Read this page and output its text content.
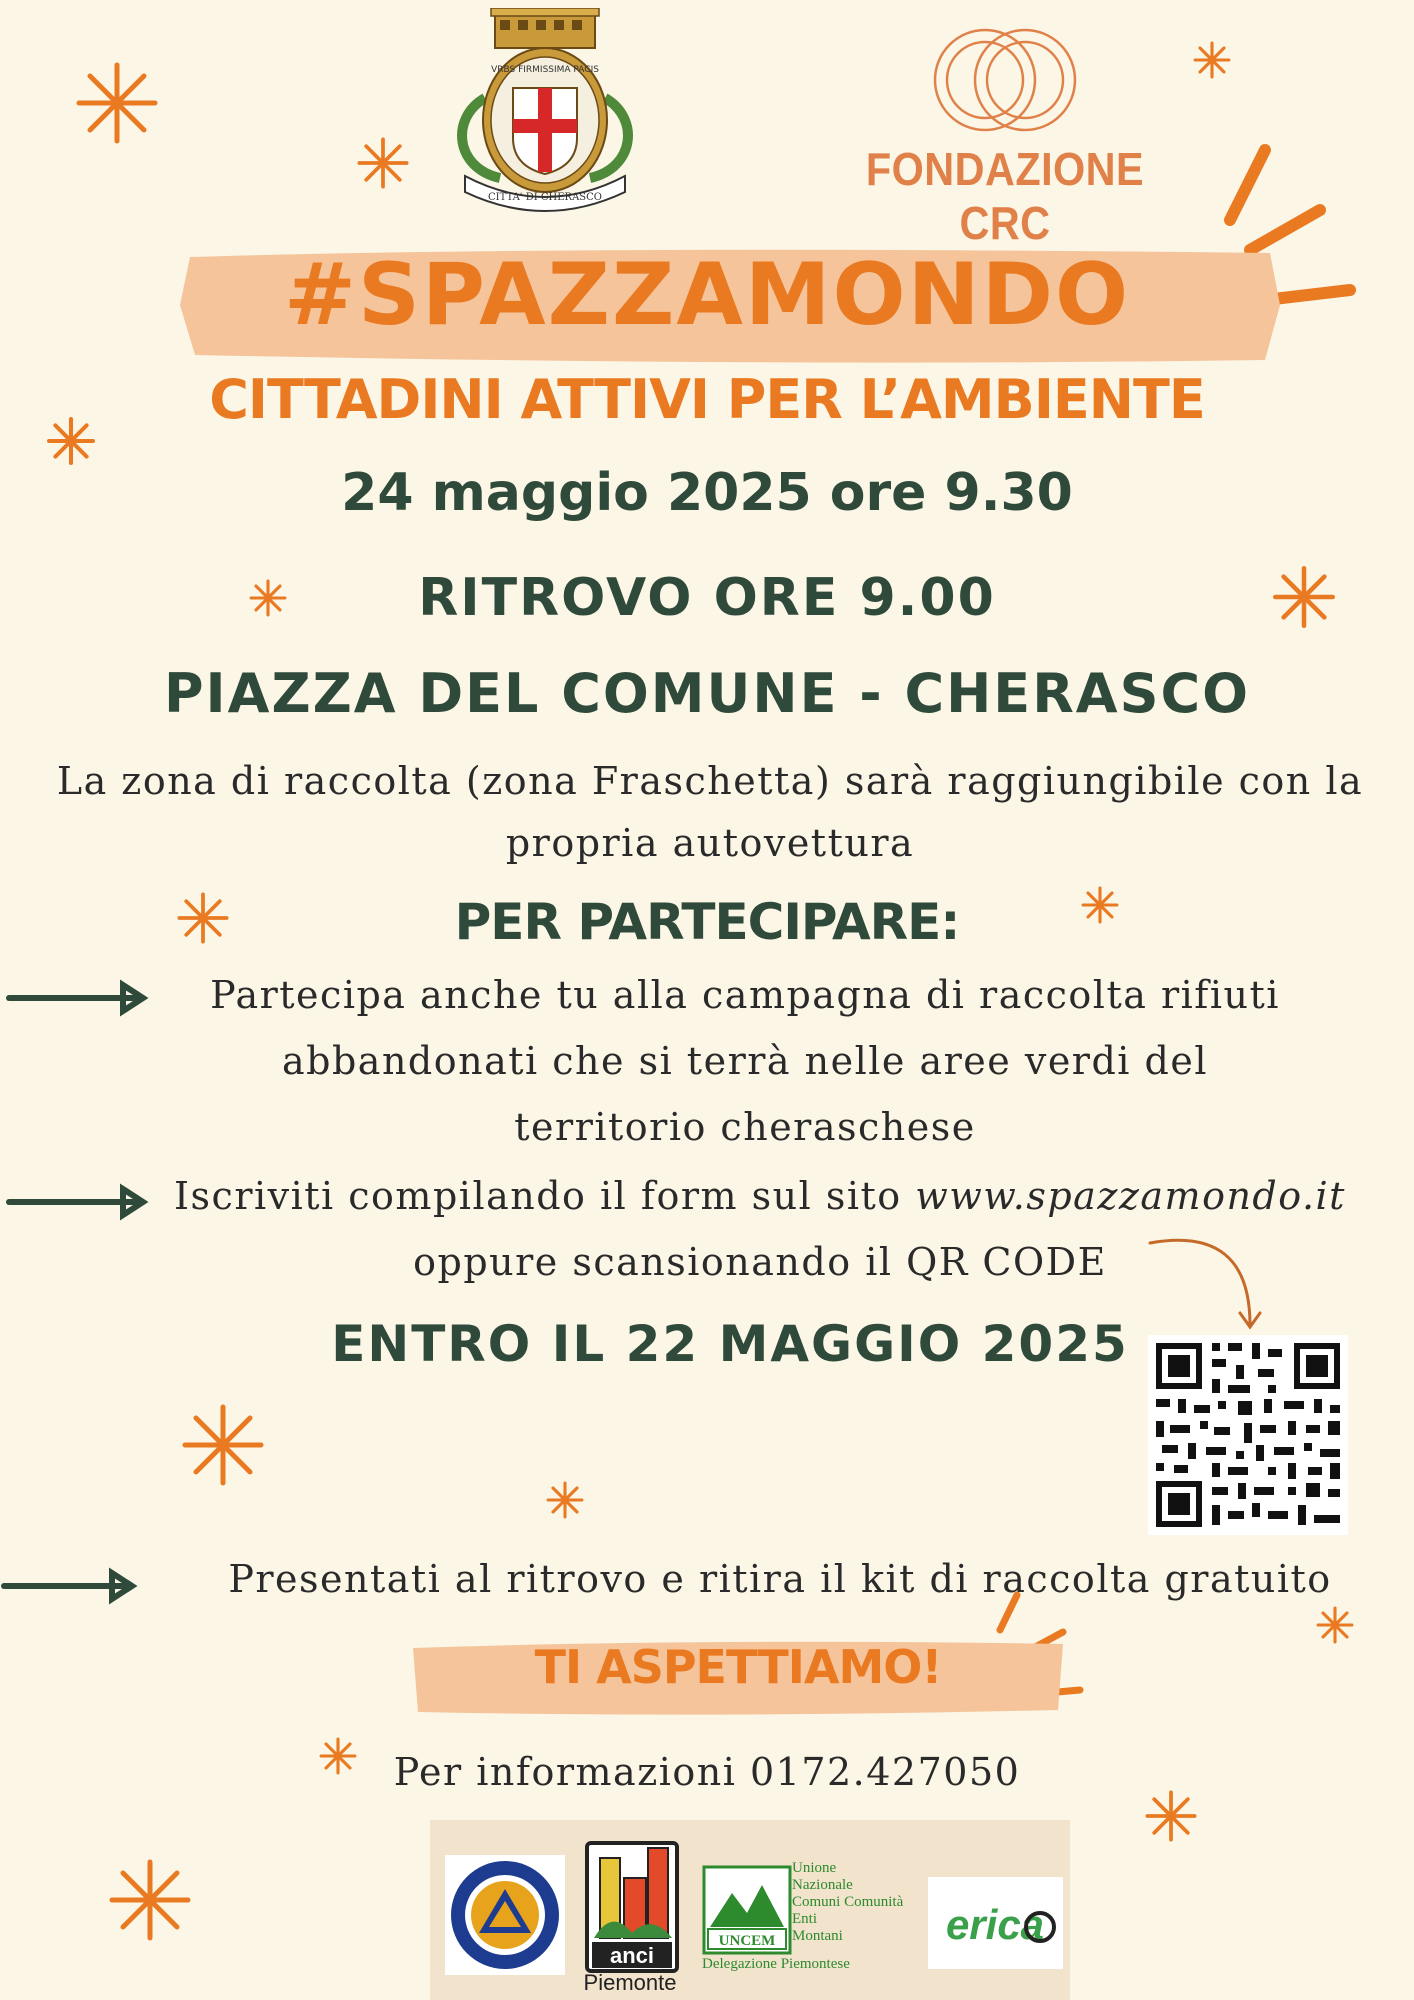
VRBS FIRMISSIMA PACIS
CITTA' DI CHERASCO
FONDAZIONE CRC
#SPAZZAMONDO
CITTADINI ATTIVI PER L’AMBIENTE
24 maggio 2025 ore 9.30
RITROVO ORE 9.00
PIAZZA DEL COMUNE - CHERASCO
La zona di raccolta (zona Fraschetta) sarà raggiungibile con la
propria autovettura
PER PARTECIPARE:
Partecipa anche tu alla campagna di raccolta rifiuti
abbandonati che si terrà nelle aree verdi del
territorio cheraschese
Iscriviti compilando il form sul sito www.spazzamondo.it
oppure scansionando il QR CODE
ENTRO IL 22 MAGGIO 2025
Presentati al ritrovo e ritira il kit di raccolta gratuito
TI ASPETTIAMO!
Per informazioni 0172.427050
anci
Piemonte
UNCEM
Unione
Nazionale
Comuni Comunità
Enti
Montani
Delegazione Piemontese
erica
